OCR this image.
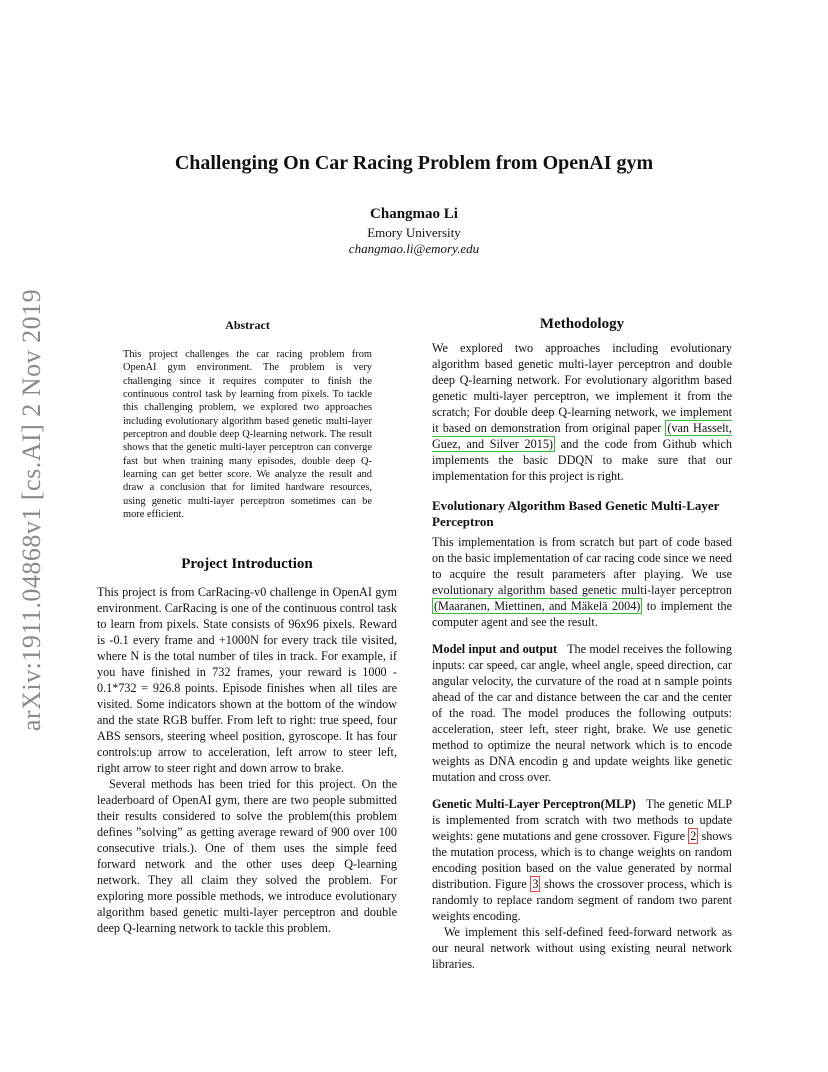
arXiv:1911.04868v1 [cs.AI] 2 Nov 2019
Challenging On Car Racing Problem from OpenAI gym
Changmao Li
Emory University
changmao.li@emory.edu
Abstract

This project challenges the car racing problem from OpenAI gym environment. The problem is very challenging since it requires computer to finish the continuous control task by learning from pixels. To tackle this challenging problem, we explored two approaches including evolutionary algorithm based genetic multi-layer perceptron and double deep Q-learning network. The result shows that the genetic multi-layer perceptron can converge fast but when training many episodes, double deep Q-learning can get better score. We analyze the result and draw a conclusion that for limited hardware resources, using genetic multi-layer perceptron sometimes can be more efficient.

Project Introduction

This project is from CarRacing-v0 challenge in OpenAI gym environment. CarRacing is one of the continuous control task to learn from pixels. State consists of 96x96 pixels. Reward is -0.1 every frame and +1000N for every track tile visited, where N is the total number of tiles in track. For example, if you have finished in 732 frames, your reward is 1000 - 0.1*732 = 926.8 points. Episode finishes when all tiles are visited. Some indicators shown at the bottom of the window and the state RGB buffer. From left to right: true speed, four ABS sensors, steering wheel position, gyroscope. It has four controls:up arrow to acceleration, left arrow to steer left, right arrow to steer right and down arrow to brake.

Several methods has been tried for this project. On the leaderboard of OpenAI gym, there are two people submitted their results considered to solve the problem(this problem defines ”solving” as getting average reward of 900 over 100 consecutive trials.). One of them uses the simple feed forward network and the other uses deep Q-learning network. They all claim they solved the problem. For exploring more possible methods, we introduce evolutionary algorithm based genetic multi-layer perceptron and double deep Q-learning network to tackle this problem.

Methodology

We explored two approaches including evolutionary algorithm based genetic multi-layer perceptron and double deep Q-learning network. For evolutionary algorithm based genetic multi-layer perceptron, we implement it from the scratch; For double deep Q-learning network, we implement it based on demonstration from original paper (van Hasselt, Guez, and Silver 2015) and the code from Github which implements the basic DDQN to make sure that our implementation for this project is right.

Evolutionary Algorithm Based Genetic Multi-Layer Perceptron

This implementation is from scratch but part of code based on the basic implementation of car racing code since we need to acquire the result parameters after playing. We use evolutionary algorithm based genetic multi-layer perceptron (Maaranen, Miettinen, and Mäkelä 2004) to implement the computer agent and see the result.

Model input and output The model receives the following inputs: car speed, car angle, wheel angle, speed direction, car angular velocity, the curvature of the road at n sample points ahead of the car and distance between the car and the center of the road. The model produces the following outputs: acceleration, steer left, steer right, brake. We use genetic method to optimize the neural network which is to encode weights as DNA encodin g and update weights like genetic mutation and cross over.

Genetic Multi-Layer Perceptron(MLP) The genetic MLP is implemented from scratch with two methods to update weights: gene mutations and gene crossover. Figure 2 shows the mutation process, which is to change weights on random encoding position based on the value generated by normal distribution. Figure 3 shows the crossover process, which is randomly to replace random segment of random two parent weights encoding.

We implement this self-defined feed-forward network as our neural network without using existing neural network libraries.
